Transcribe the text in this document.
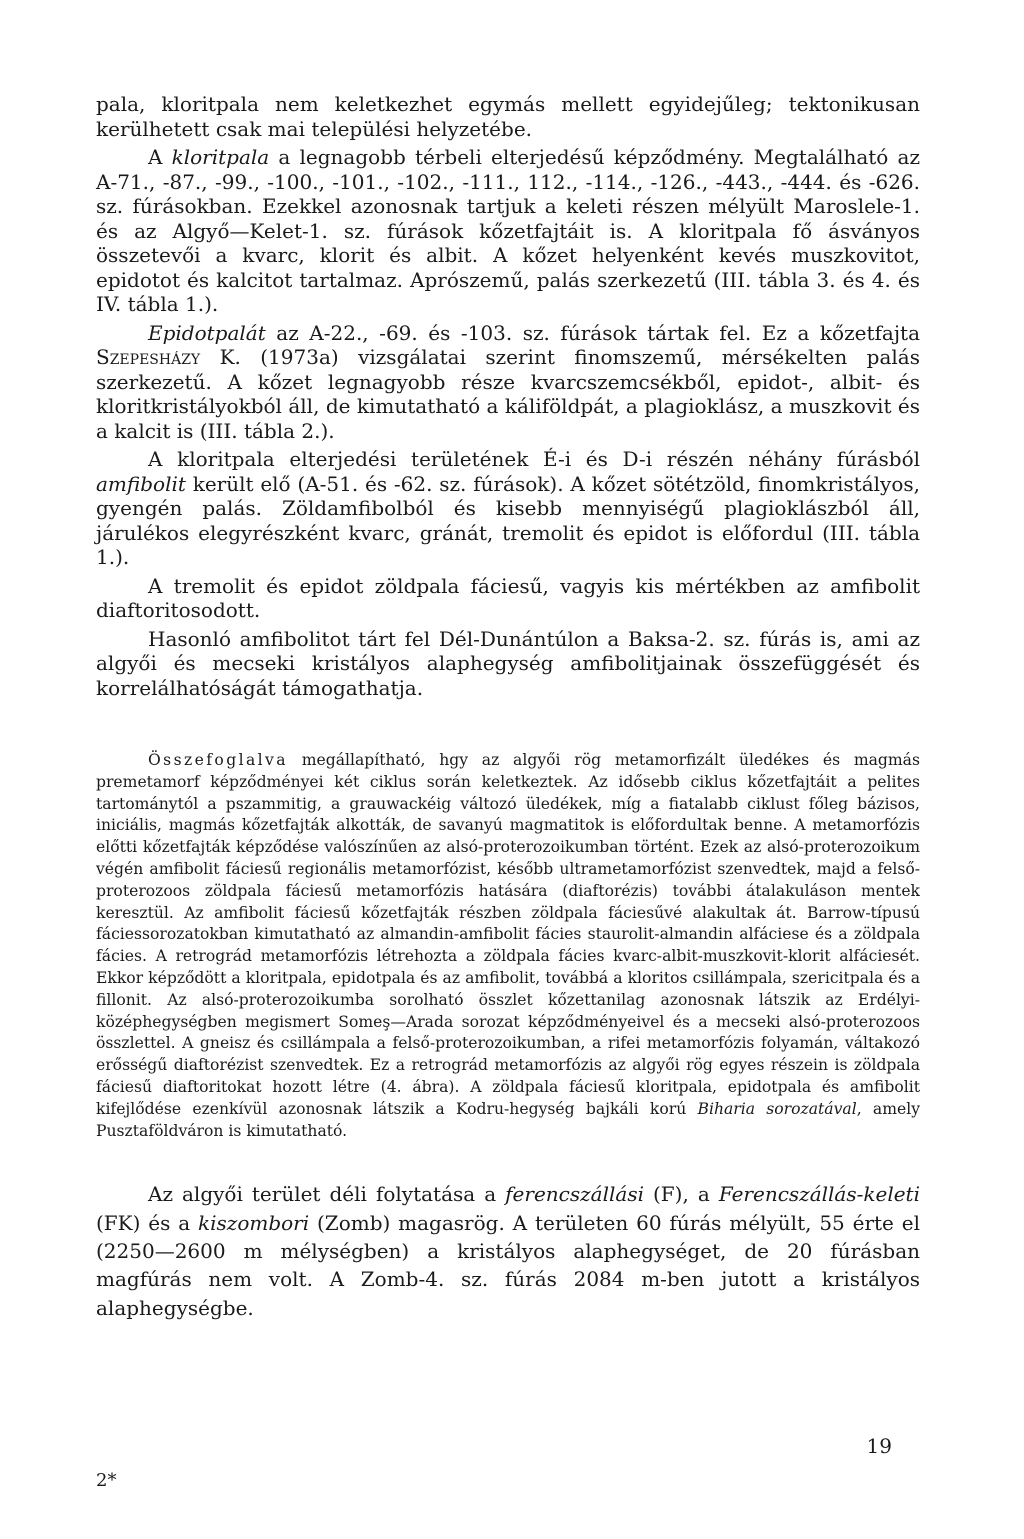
pala, kloritpala nem keletkezhet egymás mellett egyidejűleg; tektonikusan kerülhetett csak mai települési helyzetébe.

A kloritpala a legnagobb térbeli elterjedésű képződmény. Megtalálható az A-71., -87., -99., -100., -101., -102., -111., 112., -114., -126., -443., -444. és -626. sz. fúrásokban. Ezekkel azonosnak tartjuk a keleti részen mélyült Maroslele-1. és az Algyő—Kelet-1. sz. fúrások kőzetfajtáit is. A kloritpala fő ásványos összetevői a kvarc, klorit és albit. A kőzet helyenként kevés muszkovitot, epidotot és kalcitot tartalmaz. Aprószemű, palás szerkezetű (III. tábla 3. és 4. és IV. tábla 1.).

Epidotpalát az A-22., -69. és -103. sz. fúrások tártak fel. Ez a kőzetfajta Szepesházy K. (1973a) vizsgálatai szerint finomszemű, mérsékelten palás szerkezetű. A kőzet legnagyobb része kvarcszemcsékből, epidot-, albit- és kloritkristályokból áll, de kimutatható a káliföldpát, a plagioklász, a muszkovit és a kalcit is (III. tábla 2.).

A kloritpala elterjedési területének É-i és D-i részén néhány fúrásból amfibolit került elő (A-51. és -62. sz. fúrások). A kőzet sötétzöld, finomkristályos, gyengén palás. Zöldamfibolból és kisebb mennyiségű plagioklászból áll, járulékos elegyrészként kvarc, gránát, tremolit és epidot is előfordul (III. tábla 1.).

A tremolit és epidot zöldpala fáciesű, vagyis kis mértékben az amfibolit diaftoritosodott.

Hasonló amfibolitot tárt fel Dél-Dunántúlon a Baksa-2. sz. fúrás is, ami az algyői és mecseki kristályos alaphegység amfibolitjainak összefüggését és korrelálhatóságát támogathatja.

Összefoglalva megállapítható, hgy az algyői rög metamorfizált üledékes és magmás premetamorf képződményei két ciklus során keletkeztek. Az idősebb ciklus kőzetfajtáit a pelites tartománytól a pszammitig, a grauwackéig változó üledékek, míg a fiatalabb ciklust főleg bázisos, iniciális, magmás kőzetfajták alkották, de savanyú magmatitok is előfordultak benne. A metamorfózis előtti kőzetfajták képződése valószínűen az alsó-proterozoikumban történt. Ezek az alsó-proterozoikum végén amfibolit fáciesű regionális metamorfózist, később ultrametamorfózist szenvedtek, majd a felső-proterozoos zöldpala fáciesű metamorfózis hatására (diaftorézis) további átalakuláson mentek keresztül. Az amfibolit fáciesű kőzetfajták részben zöldpala fáciesűvé alakultak át. Barrow-típusú fáciessorozatokban kimutatható az almandin-amfibolit fácies staurolit-almandin alfáciese és a zöldpala fácies. A retrográd metamorfózis létrehozta a zöldpala fácies kvarc-albit-muszkovit-klorit alfáciesét. Ekkor képződött a kloritpala, epidotpala és az amfibolit, továbbá a kloritos csillámpala, szericitpala és a fillonit. Az alsó-proterozoikumba sorolható összlet kőzettanilag azonosnak látszik az Erdélyi-középhegységben megismert Someş—Arada sorozat képződményeivel és a mecseki alsó-proterozoos összlettel. A gneisz és csillámpala a felső-proterozoikumban, a rifei metamorfózis folyamán, váltakozó erősségű diaftorézist szenvedtek. Ez a retrográd metamorfózis az algyői rög egyes részein is zöldpala fáciesű diaftoritokat hozott létre (4. ábra). A zöldpala fáciesű kloritpala, epidotpala és amfibolit kifejlődése ezenkívül azonosnak látszik a Kodru-hegység bajkáli korú Biharia sorozatával, amely Pusztaföldváron is kimutatható.

Az algyői terület déli folytatása a ferencszállási (F), a Ferencszállás-keleti (FK) és a kiszombori (Zomb) magasrög. A területen 60 fúrás mélyült, 55 érte el (2250—2600 m mélységben) a kristályos alaphegységet, de 20 fúrásban magfúrás nem volt. A Zomb-4. sz. fúrás 2084 m-ben jutott a kristályos alaphegységbe.

19
2*
